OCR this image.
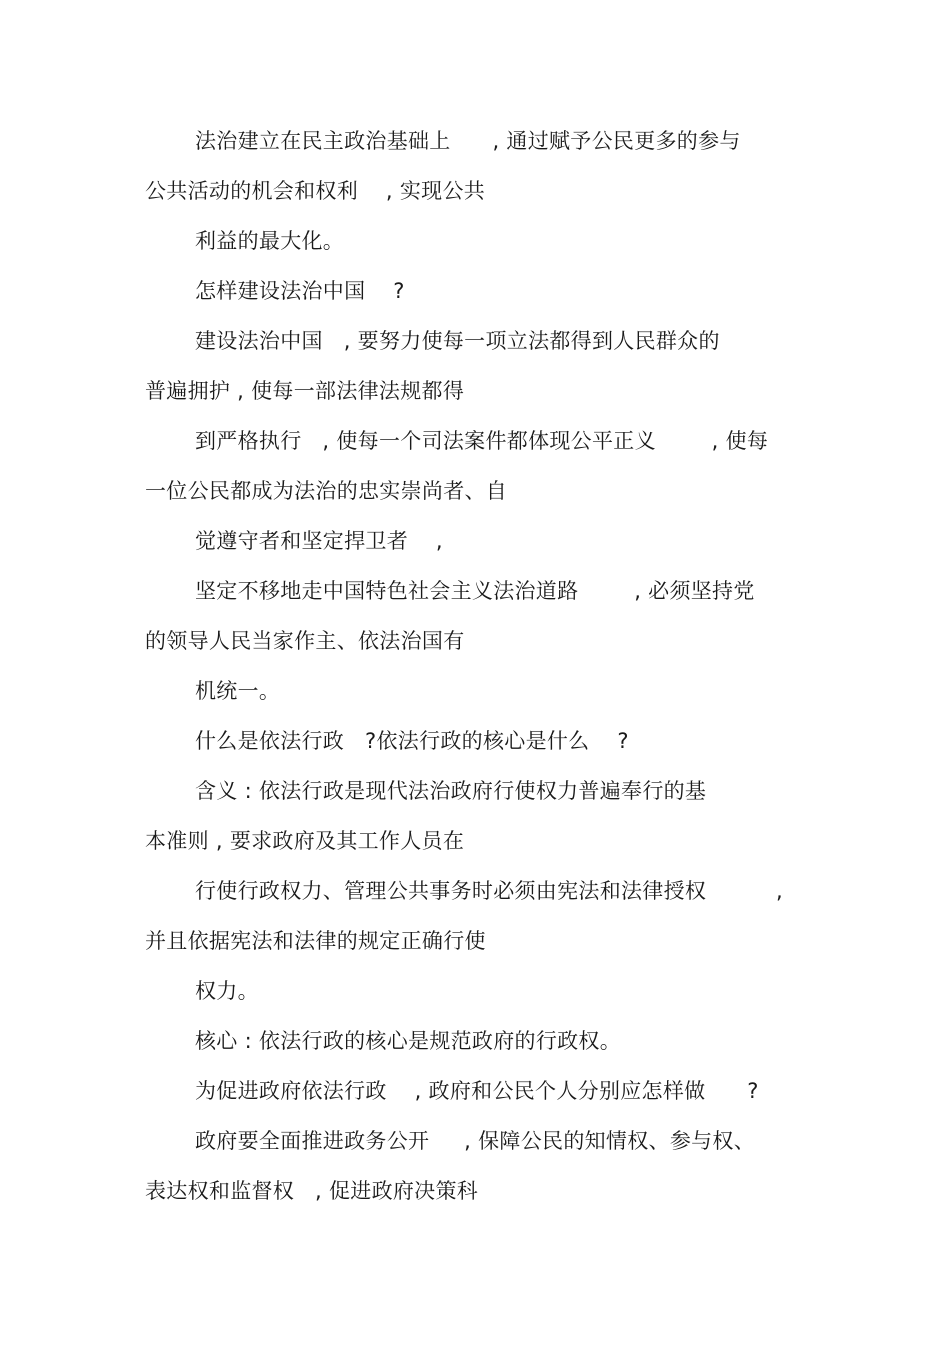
法治建立在民主政治基础上      , 通过赋予公民更多的参与
公共活动的机会和权利    , 实现公共
利益的最大化。
怎样建设法治中国    ?
建设法治中国   , 要努力使每一项立法都得到人民群众的
普遍拥护 , 使每一部法律法规都得
到严格执行   , 使每一个司法案件都体现公平正义        , 使每
一位公民都成为法治的忠实崇尚者、自
觉遵守者和坚定捍卫者    ,
坚定不移地走中国特色社会主义法治道路        , 必须坚持党
的领导人民当家作主、依法治国有
机统一。
什么是依法行政   ?依法行政的核心是什么    ?
含义 : 依法行政是现代法治政府行使权力普遍奉行的基
本准则 , 要求政府及其工作人员在
行使行政权力、管理公共事务时必须由宪法和法律授权          ,
并且依据宪法和法律的规定正确行使
权力。
核心 : 依法行政的核心是规范政府的行政权。
为促进政府依法行政    , 政府和公民个人分别应怎样做      ?
政府要全面推进政务公开     , 保障公民的知情权、参与权、
表达权和监督权   , 促进政府决策科
